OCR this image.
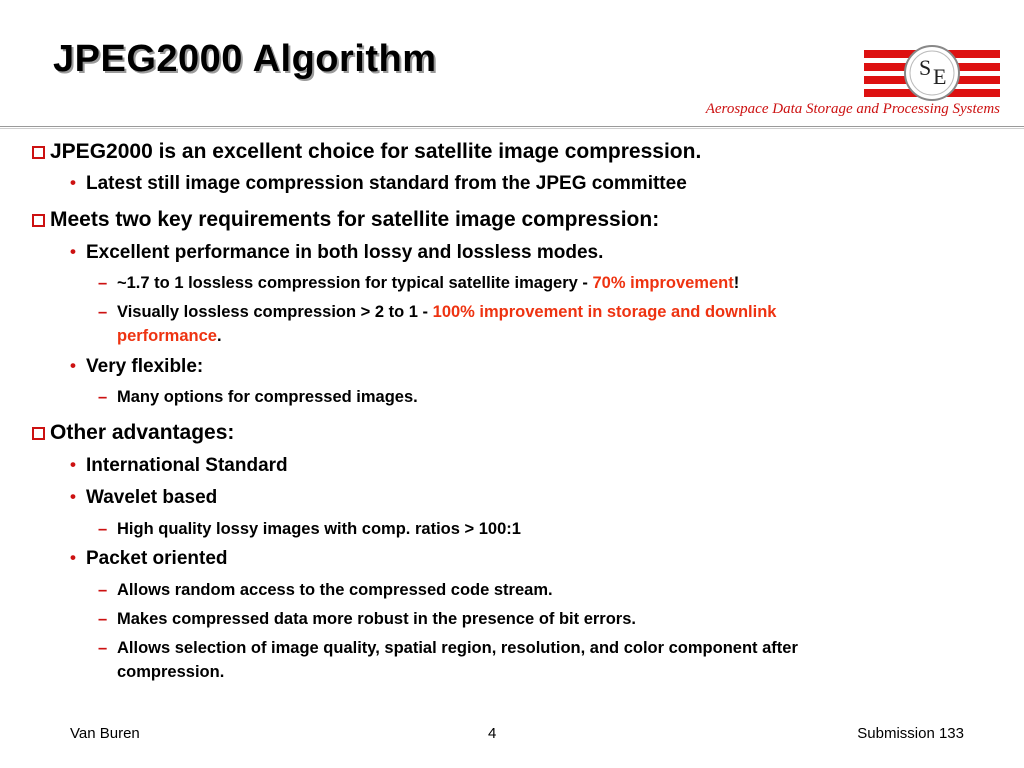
JPEG2000 Algorithm	S E
Aerospace Data Storage and Processing Systems
JPEG2000 is an excellent choice for satellite image compression.
• Latest still image compression standard from the JPEG committee
Meets two key requirements for satellite image compression:
• Excellent performance in both lossy and lossless modes.
– ~1.7 to 1 lossless compression for typical satellite imagery - 70% improvement!
– Visually lossless compression > 2 to 1 - 100% improvement in storage and downlink
performance.
• Very flexible:
– Many options for compressed images.
Other advantages:
• International Standard
• Wavelet based
– High quality lossy images with comp. ratios > 100:1
• Packet oriented
– Allows random access to the compressed code stream.
– Makes compressed data more robust in the presence of bit errors.
– Allows selection of image quality, spatial region, resolution, and color component after
compression.
Van Buren	4	Submission 133
